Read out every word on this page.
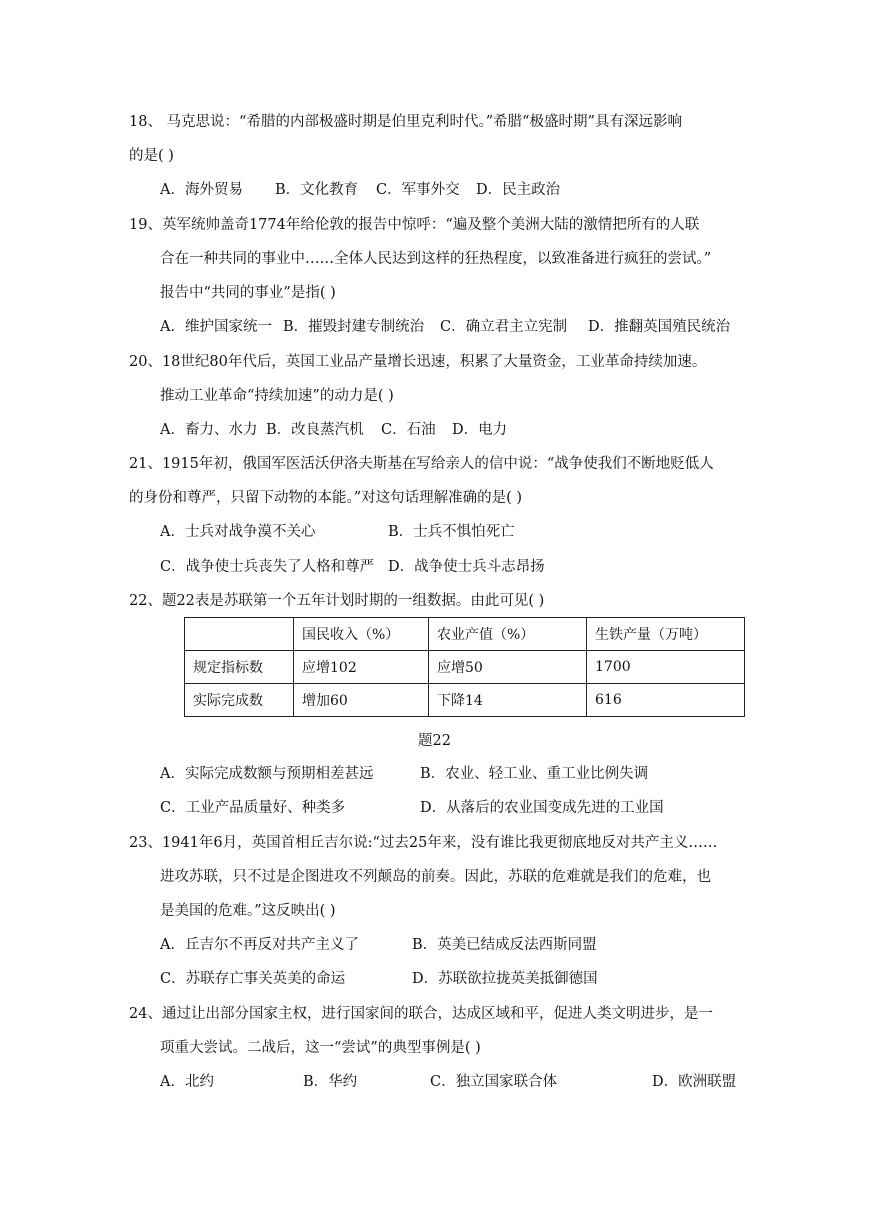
18、 马克思说：“希腊的内部极盛时期是伯里克利时代。”希腊“极盛时期”具有深远影响
的是( )
A．海外贸易 B．文化教育 C．军事外交 D．民主政治
19、英军统帅盖奇1774年给伦敦的报告中惊呼：“遍及整个美洲大陆的激情把所有的人联
合在一种共同的事业中……全体人民达到这样的狂热程度，以致准备进行疯狂的尝试。”
报告中“共同的事业”是指( )
A．维护国家统一 B．摧毁封建专制统治 C．确立君主立宪制 D．推翻英国殖民统治
20、18世纪80年代后，英国工业品产量增长迅速，积累了大量资金，工业革命持续加速。
推动工业革命“持续加速”的动力是( )
A．畜力、水力 B．改良蒸汽机 C．石油 D．电力
21、1915年初，俄国军医活沃伊洛夫斯基在写给亲人的信中说：“战争使我们不断地贬低人
的身份和尊严，只留下动物的本能。”对这句话理解准确的是( )
A．士兵对战争漠不关心	B．士兵不惧怕死亡
C．战争使士兵丧失了人格和尊严 D．战争使士兵斗志昂扬
22、题22表是苏联第一个五年计划时期的一组数据。由此可见( )
	国民收入（%）	农业产值（%）	生铁产量（万吨）
规定指标数	应增102	应增50	1700
实际完成数	增加60	下降14	616
题22
A．实际完成数额与预期相差甚远	B．农业、轻工业、重工业比例失调
C．工业产品质量好、种类多	D．从落后的农业国变成先进的工业国
23、1941年6月，英国首相丘吉尔说:“过去25年来，没有谁比我更彻底地反对共产主义……
进攻苏联，只不过是企图进攻不列颠岛的前奏。因此，苏联的危难就是我们的危难，也
是美国的危难。”这反映出( )
A．丘吉尔不再反对共产主义了	B．英美已结成反法西斯同盟
C．苏联存亡事关英美的命运	D．苏联欲拉拢英美抵御德国
24、通过让出部分国家主权，进行国家间的联合，达成区域和平，促进人类文明进步，是一
项重大尝试。二战后，这一“尝试”的典型事例是( )
A．北约	B．华约	C．独立国家联合体	D．欧洲联盟
